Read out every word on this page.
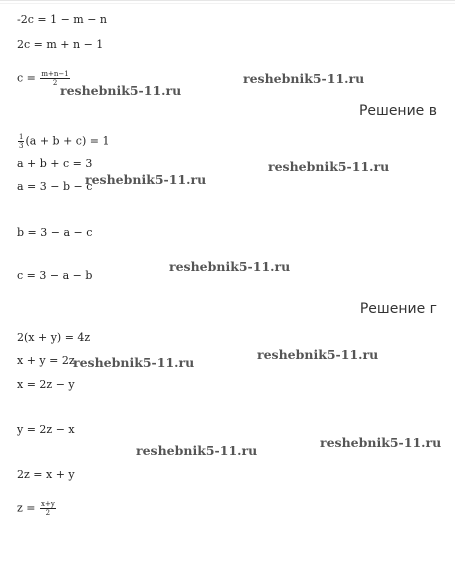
-2c = 1 − m − n
2c = m + n − 1
$c = \frac{m+n-1}{2}$	reshebnik5-11.ru
reshebnik5-11.ru
Решение в
$\frac{1}{3} (a + b + c) = 1$
a + b + c = 3
a = 3 − b − c
reshebnik5-11.ru
reshebnik5-11.ru
b = 3 − a − c
reshebnik5-11.ru
c = 3 − a − b
Решение г
2(x + y) = 4z
x + y = 2z
reshebnik5-11.ru
reshebnik5-11.ru
x = 2z − y
y = 2z − x
reshebnik5-11.ru
reshebnik5-11.ru
2z = x + y
$z = \frac{x+y}{2}$
